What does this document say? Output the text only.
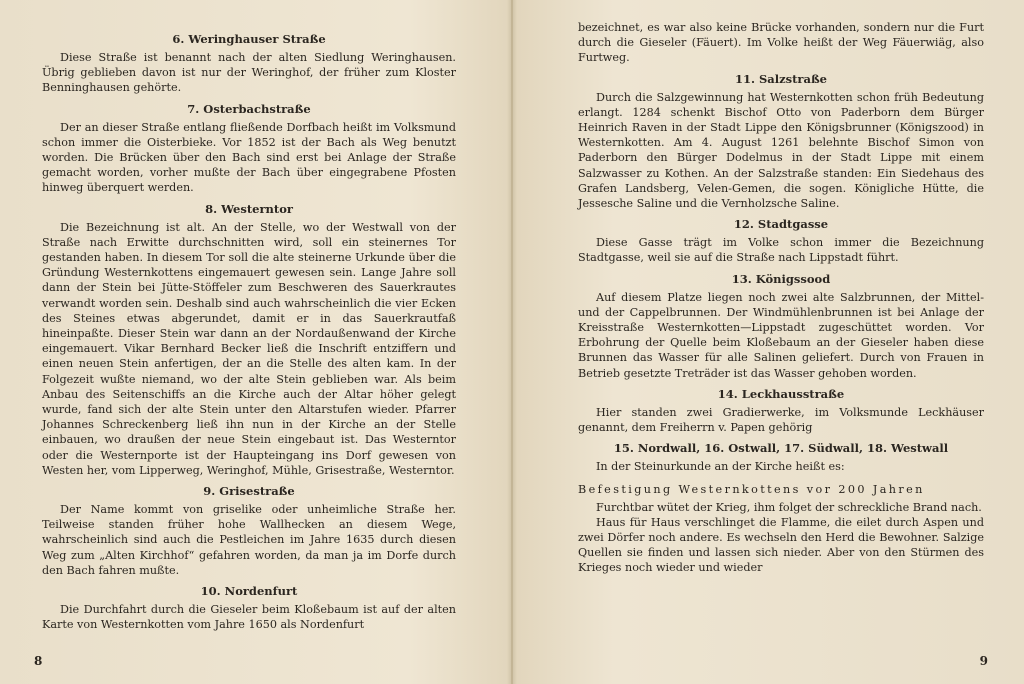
6. Weringhauser Straße

Diese Straße ist benannt nach der alten Siedlung Weringhausen. Übrig geblieben davon ist nur der Weringhof, der früher zum Kloster Benninghausen gehörte.

7. Osterbachstraße

Der an dieser Straße entlang fließende Dorfbach heißt im Volksmund schon immer die Oisterbieke. Vor 1852 ist der Bach als Weg benutzt worden. Die Brücken über den Bach sind erst bei Anlage der Straße gemacht worden, vorher mußte der Bach über eingegrabene Pfosten hinweg überquert werden.

8. Westerntor

Die Bezeichnung ist alt. An der Stelle, wo der Westwall von der Straße nach Erwitte durchschnitten wird, soll ein steinernes Tor gestanden haben. In diesem Tor soll die alte steinerne Urkunde über die Gründung Westernkottens eingemauert gewesen sein. Lange Jahre soll dann der Stein bei Jütte-Stöffeler zum Beschweren des Sauerkrautes verwandt worden sein. Deshalb sind auch wahrscheinlich die vier Ecken des Steines etwas abgerundet, damit er in das Sauerkrautfaß hineinpaßte. Dieser Stein war dann an der Nordaußenwand der Kirche eingemauert. Vikar Bernhard Becker ließ die Inschrift entziffern und einen neuen Stein anfertigen, der an die Stelle des alten kam. In der Folgezeit wußte niemand, wo der alte Stein geblieben war. Als beim Anbau des Seitenschiffs an die Kirche auch der Altar höher gelegt wurde, fand sich der alte Stein unter den Altarstufen wieder. Pfarrer Johannes Schreckenberg ließ ihn nun in der Kirche an der Stelle einbauen, wo draußen der neue Stein eingebaut ist. Das Westerntor oder die Westernporte ist der Haupteingang ins Dorf gewesen von Westen her, vom Lipperweg, Weringhof, Mühle, Grisestraße, Westerntor.

9. Grisestraße

Der Name kommt von griselike oder unheimliche Straße her. Teilweise standen früher hohe Wallhecken an diesem Wege, wahrscheinlich sind auch die Pestleichen im Jahre 1635 durch diesen Weg zum „Alten Kirchhof“ gefahren worden, da man ja im Dorfe durch den Bach fahren mußte.

10. Nordenfurt

Die Durchfahrt durch die Gieseler beim Kloßebaum ist auf der alten Karte von Westernkotten vom Jahre 1650 als Nordenfurt

8

bezeichnet, es war also keine Brücke vorhanden, sondern nur die Furt durch die Gieseler (Fäuert). Im Volke heißt der Weg Fäuerwiäg, also Furtweg.

11. Salzstraße

Durch die Salzgewinnung hat Westernkotten schon früh Bedeutung erlangt. 1284 schenkt Bischof Otto von Paderborn dem Bürger Heinrich Raven in der Stadt Lippe den Königsbrunner (Königszood) in Westernkotten. Am 4. August 1261 belehnte Bischof Simon von Paderborn den Bürger Dodelmus in der Stadt Lippe mit einem Salzwasser zu Kothen. An der Salzstraße standen: Ein Siedehaus des Grafen Landsberg, Velen-Gemen, die sogen. Königliche Hütte, die Jessesche Saline und die Vernholzsche Saline.

12. Stadtgasse

Diese Gasse trägt im Volke schon immer die Bezeichnung Stadtgasse, weil sie auf die Straße nach Lippstadt führt.

13. Königssood

Auf diesem Platze liegen noch zwei alte Salzbrunnen, der Mittel- und der Cappelbrunnen. Der Windmühlenbrunnen ist bei Anlage der Kreisstraße Westernkotten—Lippstadt zugeschüttet worden. Vor Erbohrung der Quelle beim Kloßebaum an der Gieseler haben diese Brunnen das Wasser für alle Salinen geliefert. Durch von Frauen in Betrieb gesetzte Treträder ist das Wasser gehoben worden.

14. Leckhausstraße

Hier standen zwei Gradierwerke, im Volksmunde Leckhäuser genannt, dem Freiherrn v. Papen gehörig

15. Nordwall, 16. Ostwall, 17. Südwall, 18. Westwall

In der Steinurkunde an der Kirche heißt es:

Befestigung Westernkottens vor 200 Jahren

Furchtbar wütet der Krieg, ihm folget der schreckliche Brand nach.

Haus für Haus verschlinget die Flamme, die eilet durch Aspen und zwei Dörfer noch andere. Es wechseln den Herd die Bewohner. Salzige Quellen sie finden und lassen sich nieder. Aber von den Stürmen des Krieges noch wieder und wieder

9
